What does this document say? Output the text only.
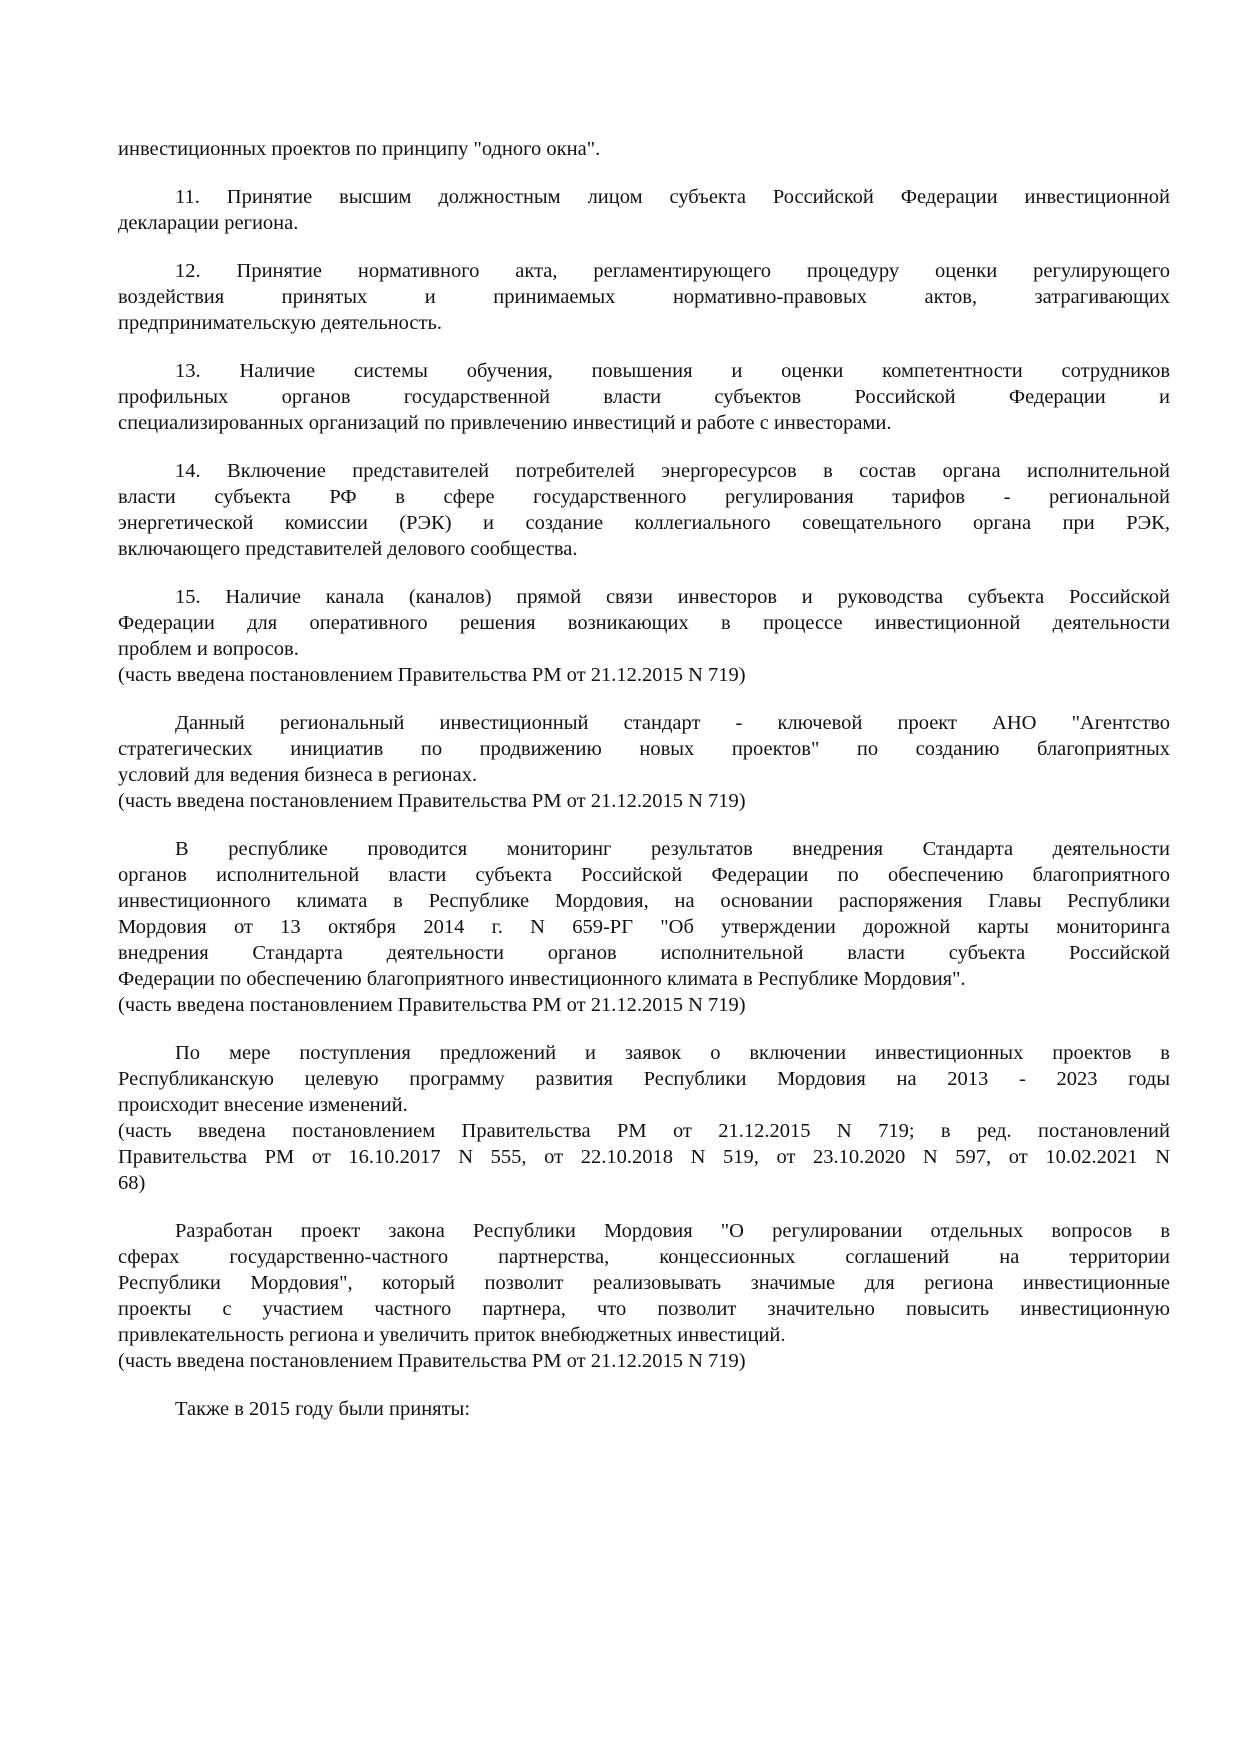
инвестиционных проектов по принципу "одного окна".
11. Принятие высшим должностным лицом субъекта Российской Федерации инвестиционной
декларации региона.
12. Принятие нормативного акта, регламентирующего процедуру оценки регулирующего
воздействия принятых и принимаемых нормативно-правовых актов, затрагивающих
предпринимательскую деятельность.
13. Наличие системы обучения, повышения и оценки компетентности сотрудников
профильных органов государственной власти субъектов Российской Федерации и
специализированных организаций по привлечению инвестиций и работе с инвесторами.
14. Включение представителей потребителей энергоресурсов в состав органа исполнительной
власти субъекта РФ в сфере государственного регулирования тарифов - региональной
энергетической комиссии (РЭК) и создание коллегиального совещательного органа при РЭК,
включающего представителей делового сообщества.
15. Наличие канала (каналов) прямой связи инвесторов и руководства субъекта Российской
Федерации для оперативного решения возникающих в процессе инвестиционной деятельности
проблем и вопросов.
(часть введена постановлением Правительства РМ от 21.12.2015 N 719)
Данный региональный инвестиционный стандарт - ключевой проект АНО "Агентство
стратегических инициатив по продвижению новых проектов" по созданию благоприятных
условий для ведения бизнеса в регионах.
(часть введена постановлением Правительства РМ от 21.12.2015 N 719)
В республике проводится мониторинг результатов внедрения Стандарта деятельности
органов исполнительной власти субъекта Российской Федерации по обеспечению благоприятного
инвестиционного климата в Республике Мордовия, на основании распоряжения Главы Республики
Мордовия от 13 октября 2014 г. N 659-РГ "Об утверждении дорожной карты мониторинга
внедрения Стандарта деятельности органов исполнительной власти субъекта Российской
Федерации по обеспечению благоприятного инвестиционного климата в Республике Мордовия".
(часть введена постановлением Правительства РМ от 21.12.2015 N 719)
По мере поступления предложений и заявок о включении инвестиционных проектов в
Республиканскую целевую программу развития Республики Мордовия на 2013 - 2023 годы
происходит внесение изменений.
(часть введена постановлением Правительства РМ от 21.12.2015 N 719; в ред. постановлений
Правительства РМ от 16.10.2017 N 555, от 22.10.2018 N 519, от 23.10.2020 N 597, от 10.02.2021 N
68)
Разработан проект закона Республики Мордовия "О регулировании отдельных вопросов в
сферах государственно-частного партнерства, концессионных соглашений на территории
Республики Мордовия", который позволит реализовывать значимые для региона инвестиционные
проекты с участием частного партнера, что позволит значительно повысить инвестиционную
привлекательность региона и увеличить приток внебюджетных инвестиций.
(часть введена постановлением Правительства РМ от 21.12.2015 N 719)
Также в 2015 году были приняты:
